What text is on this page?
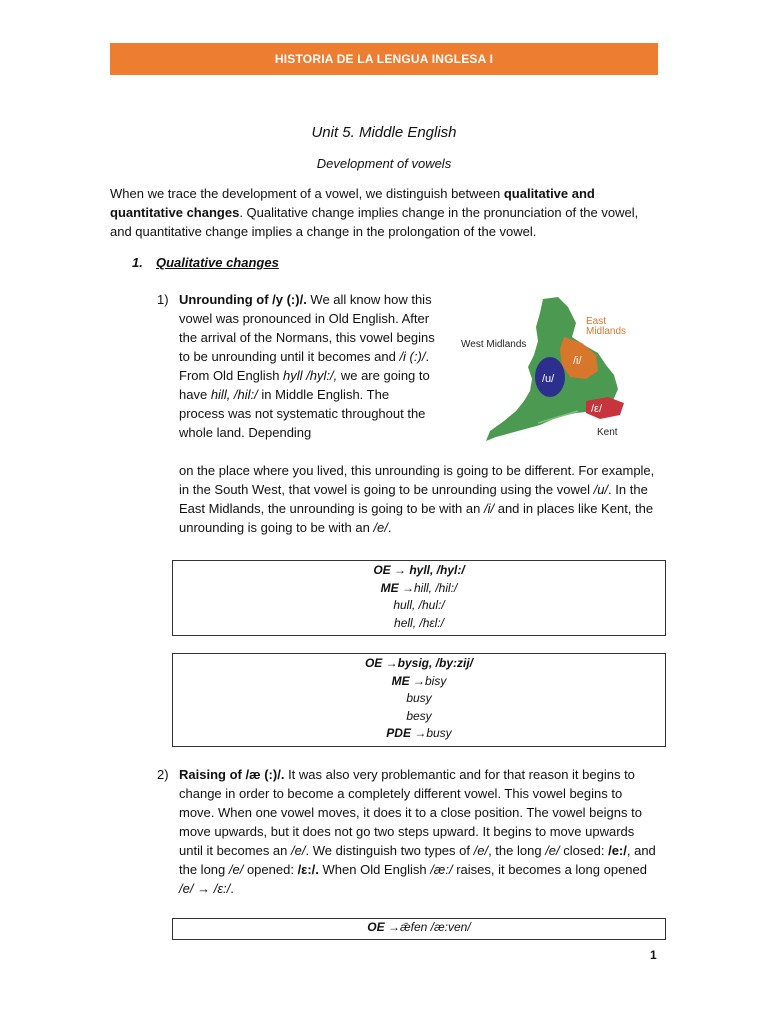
HISTORIA DE LA LENGUA INGLESA I
Unit 5. Middle English
Development of vowels
When we trace the development of a vowel, we distinguish between qualitative and quantitative changes. Qualitative change implies change in the pronunciation of the vowel, and quantitative change implies a change in the prolongation of the vowel.
1. Qualitative changes
1) Unrounding of /y (:)/. We all know how this vowel was pronounced in Old English. After the arrival of the Normans, this vowel begins to be unrounding until it becomes and /i (:)/. From Old English hyll /hyl:/, we are going to have hill, /hil:/ in Middle English. The process was not systematic throughout the whole land. Depending
West Midlands
East
Midlands
Kent
/u/
/i/
/ε/
on the place where you lived, this unrounding is going to be different. For example, in the South West, that vowel is going to be unrounding using the vowel /u/. In the East Midlands, the unrounding is going to be with an /i/ and in places like Kent, the unrounding is going to be with an /e/.
OE → hyll, /hyl:/
ME →hill, /hil:/
hull, /hul:/
hell, /hεl:/
OE →bysig, /by:zij/
ME →bisy
busy
besy
PDE →busy
2) Raising of /æ (:)/. It was also very problemantic and for that reason it begins to change in order to become a completely different vowel. This vowel begins to move. When one vowel moves, it does it to a close position. The vowel beigns to move upwards, but it does not go two steps upward. It begins to move upwards until it becomes an /e/. We distinguish two types of /e/, the long /e/ closed: /e:/, and the long /e/ opened: /ε:/. When Old English /æ:/ raises, it becomes a long opened /e/ → /ε:/.
OE →ǣfen /æ:ven/
1
